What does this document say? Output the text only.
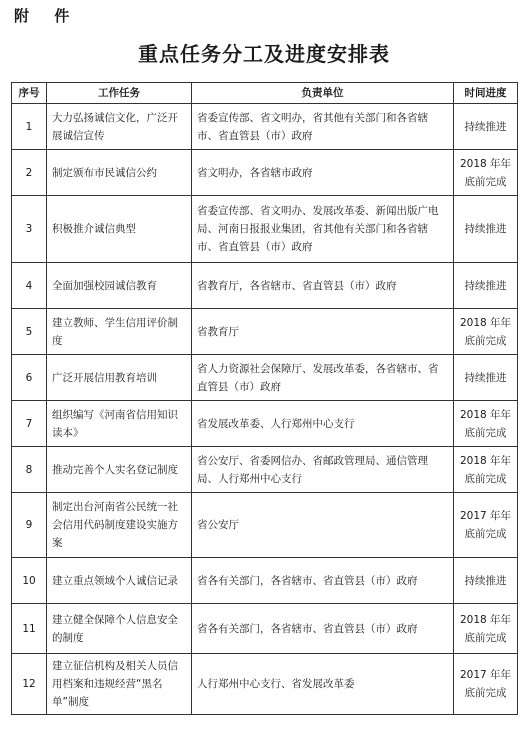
附 件
重点任务分工及进度安排表
序号	工作任务	负责单位	时间进度
1	大力弘扬诚信文化，广泛开展诚信宣传	省委宣传部、省文明办，省其他有关部门和各省辖市、省直管县（市）政府	持续推进
2	制定颁布市民诚信公约	省文明办，各省辖市政府	2018 年年底前完成
3	积极推介诚信典型	省委宣传部、省文明办、发展改革委、新闻出版广电局、河南日报报业集团，省其他有关部门和各省辖市、省直管县（市）政府	持续推进
4	全面加强校园诚信教育	省教育厅，各省辖市、省直管县（市）政府	持续推进
5	建立教师、学生信用评价制度	省教育厅	2018 年年底前完成
6	广泛开展信用教育培训	省人力资源社会保障厅、发展改革委，各省辖市、省直管县（市）政府	持续推进
7	组织编写《河南省信用知识读本》	省发展改革委、人行郑州中心支行	2018 年年底前完成
8	推动完善个人实名登记制度	省公安厅、省委网信办、省邮政管理局、通信管理局、人行郑州中心支行	2018 年年底前完成
9	制定出台河南省公民统一社会信用代码制度建设实施方案	省公安厅	2017 年年底前完成
10	建立重点领域个人诚信记录	省各有关部门，各省辖市、省直管县（市）政府	持续推进
11	建立健全保障个人信息安全的制度	省各有关部门，各省辖市、省直管县（市）政府	2018 年年底前完成
12	建立征信机构及相关人员信用档案和违规经营“黑名单”制度	人行郑州中心支行、省发展改革委	2017 年年底前完成
